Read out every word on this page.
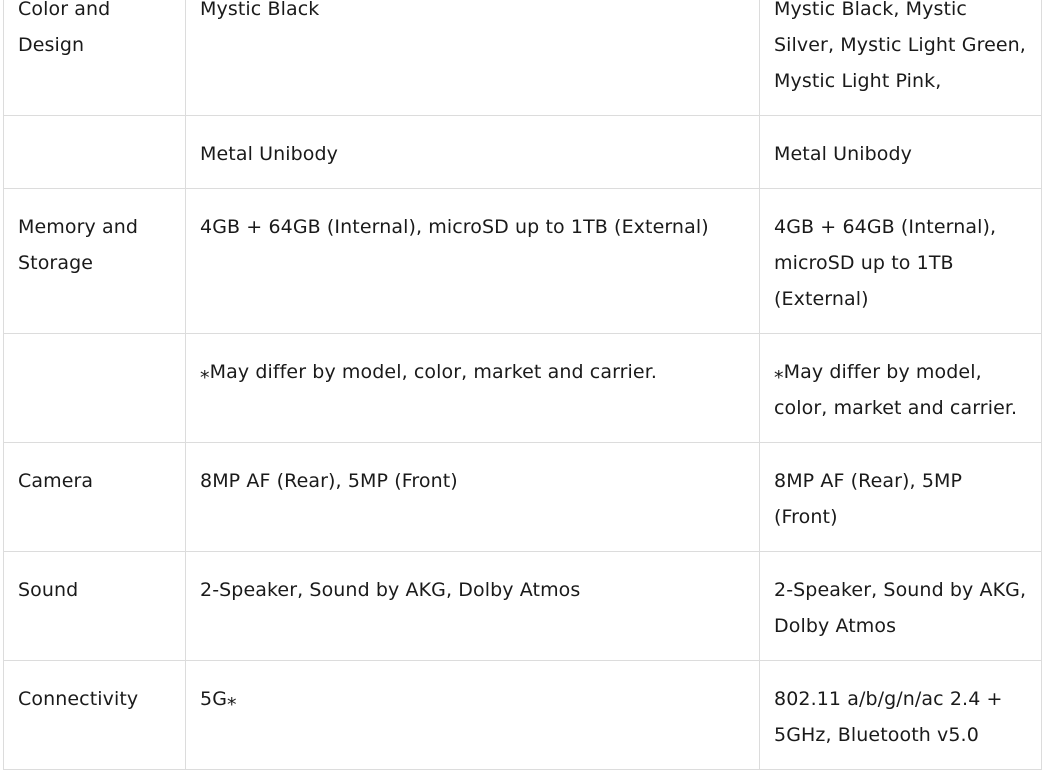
Color and
Design	Mystic Black	Mystic Black, Mystic Silver, Mystic Light Green, Mystic Light Pink,
	Metal Unibody	Metal Unibody
Memory and
Storage	4GB + 64GB (Internal), microSD up to 1TB (External)	4GB + 64GB (Internal), microSD up to 1TB (External)
	⁎May differ by model, color, market and carrier.	⁎May differ by model, color, market and carrier.
Camera	8MP AF (Rear), 5MP (Front)	8MP AF (Rear), 5MP (Front)
Sound	2-Speaker, Sound by AKG, Dolby Atmos	2-Speaker, Sound by AKG, Dolby Atmos
Connectivity	5G⁎	802.11 a/b/g/n/ac 2.4 + 5GHz, Bluetooth v5.0
